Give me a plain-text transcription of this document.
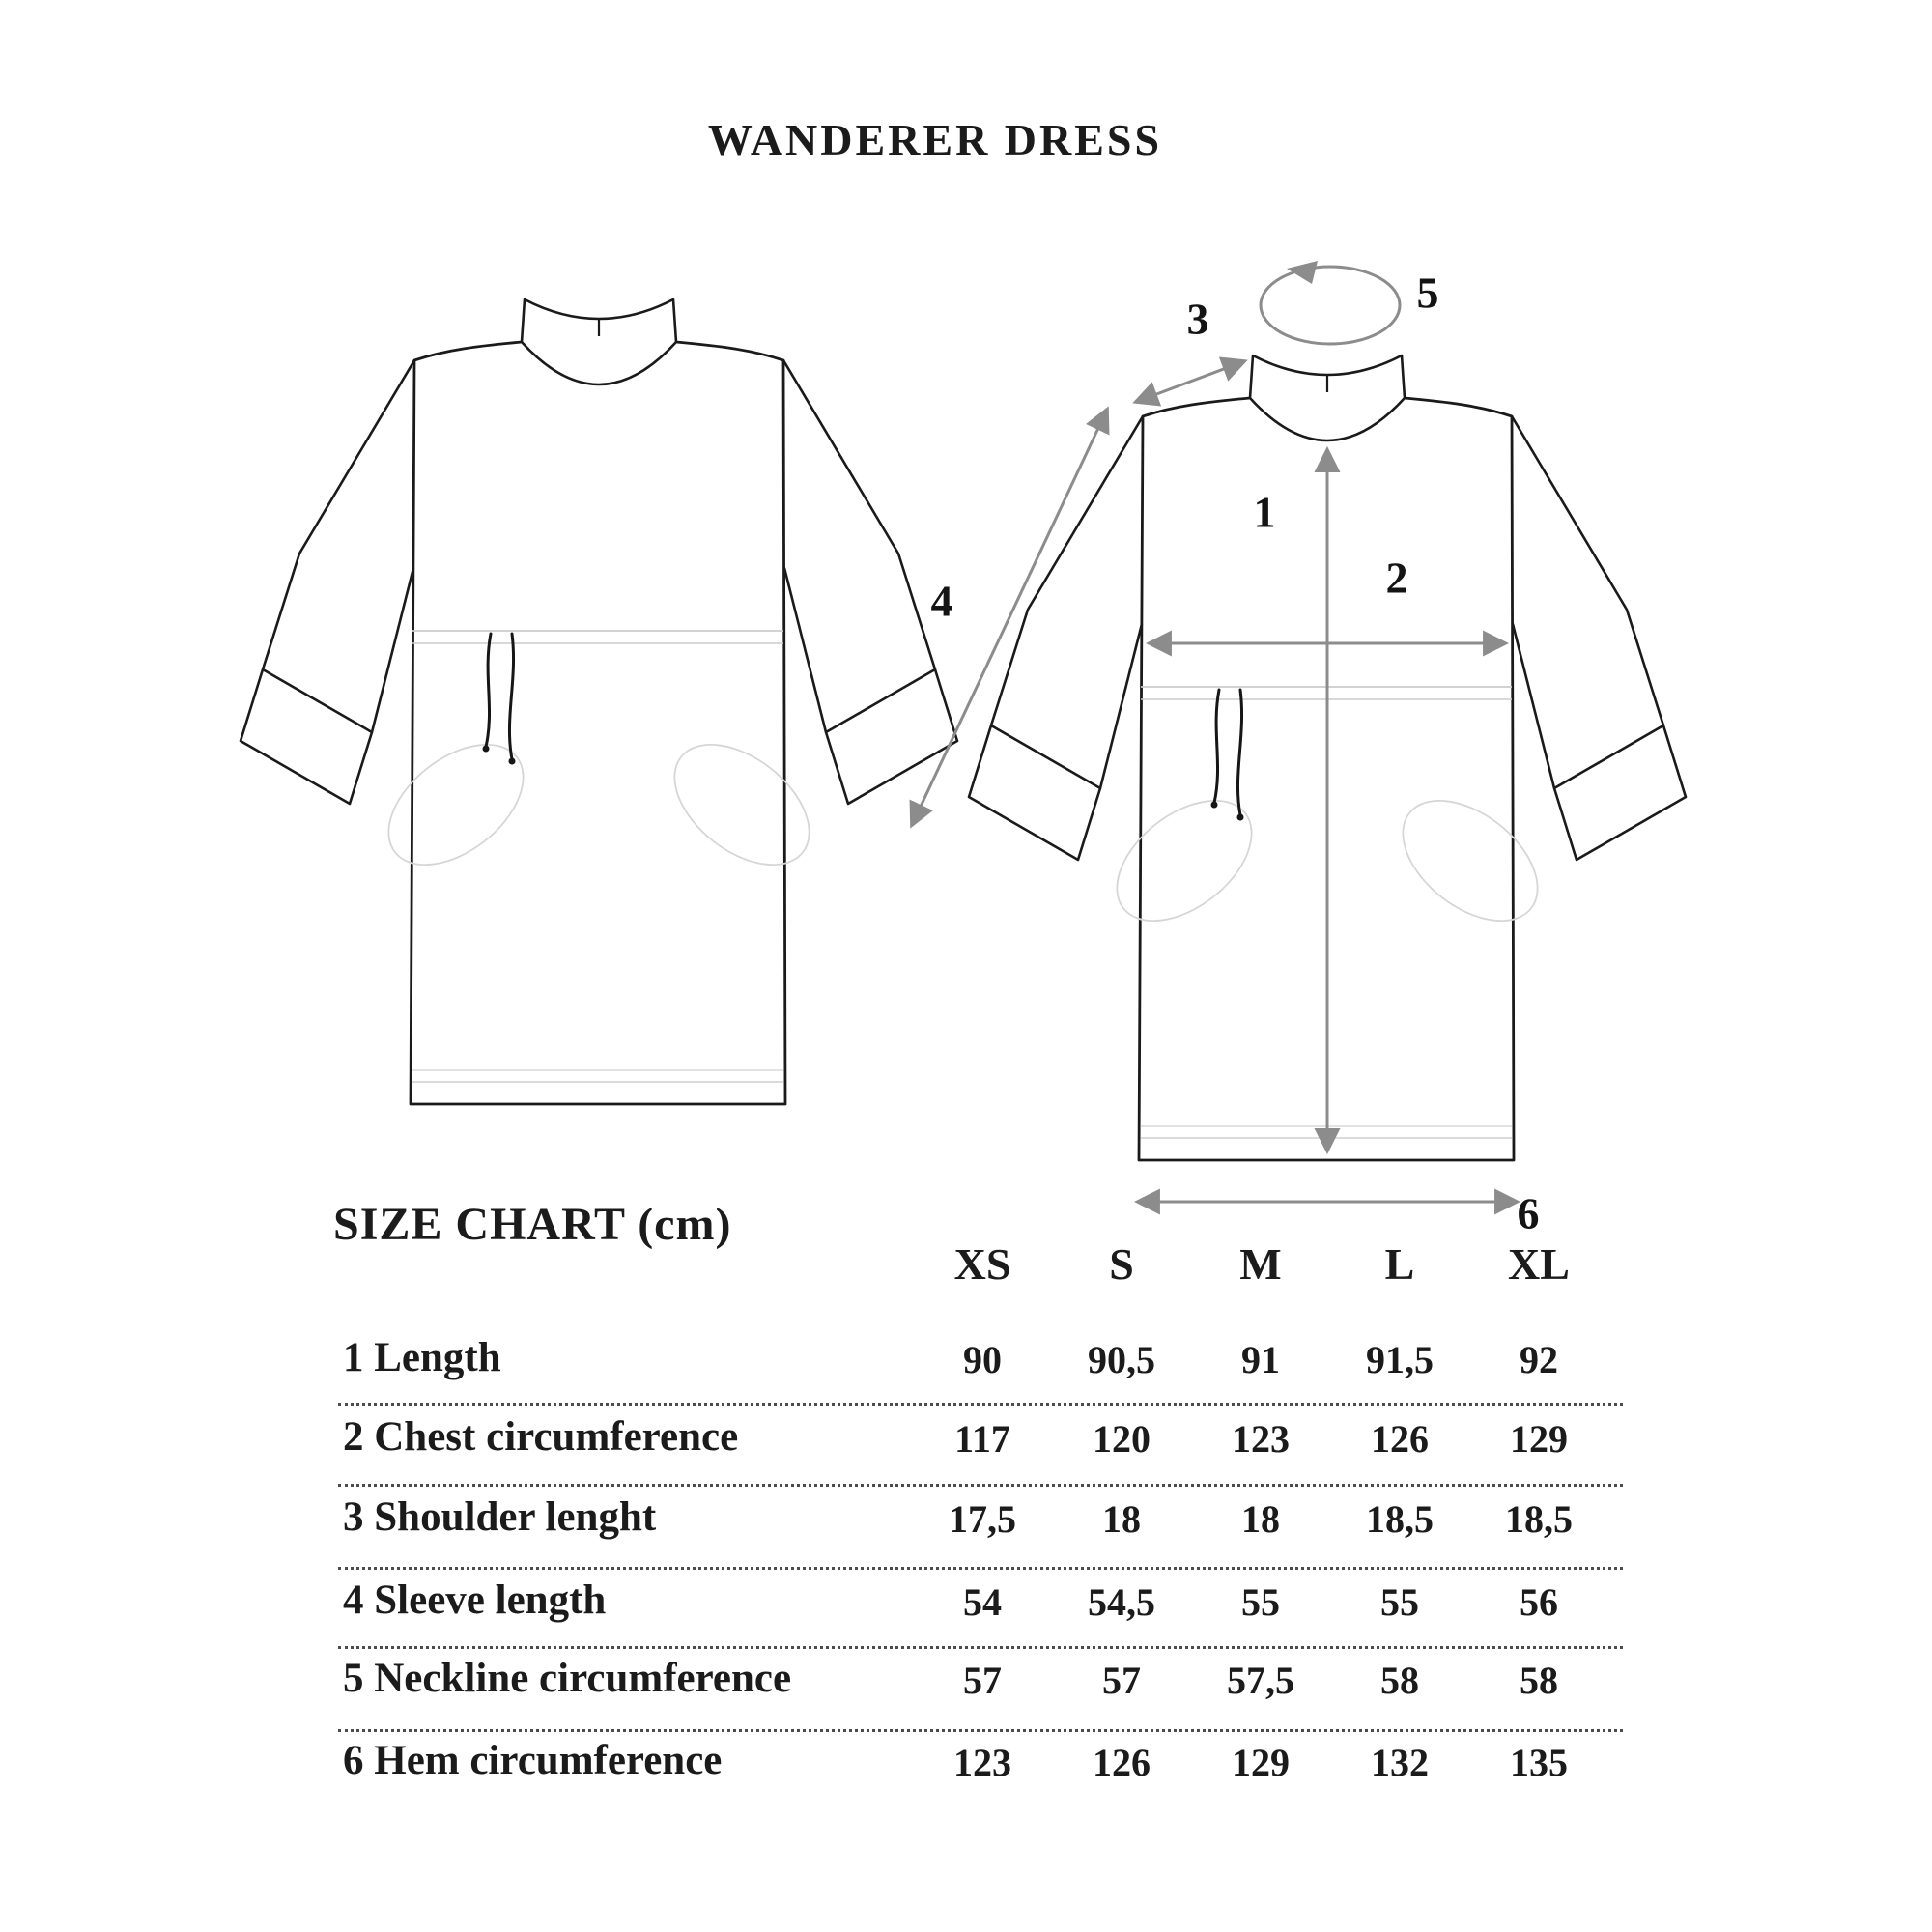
WANDERER DRESS
1
2
3
4
5
6
SIZE CHART (cm)
XS	S	M	L	XL
1 Length	90	90,5	91	91,5	92
2 Chest circumference	117	120	123	126	129
3 Shoulder lenght	17,5	18	18	18,5	18,5
4 Sleeve length	54	54,5	55	55	56
5 Neckline circumference	57	57	57,5	58	58
6 Hem circumference	123	126	129	132	135
